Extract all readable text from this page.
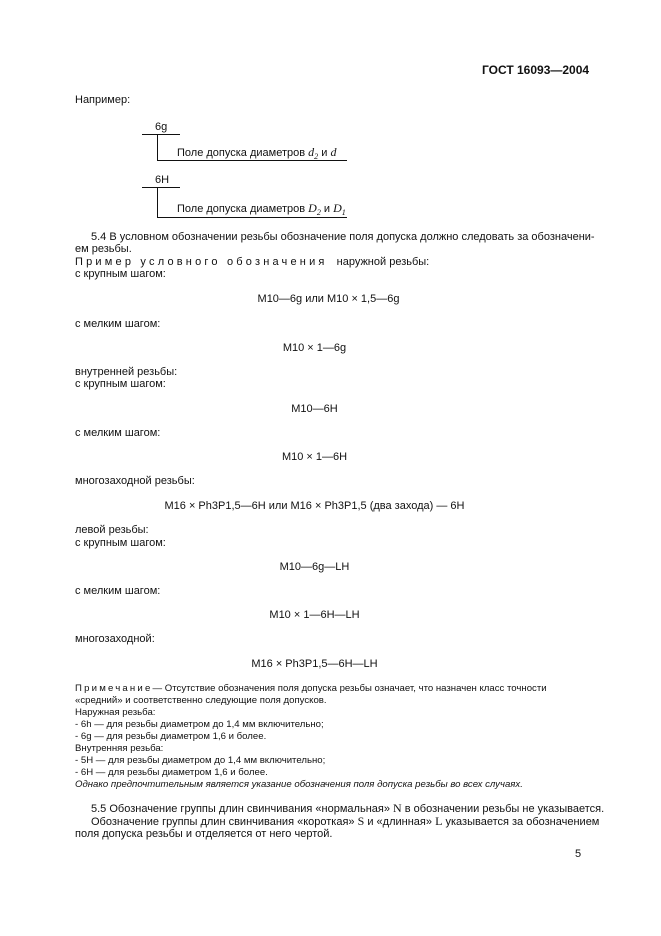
ГОСТ 16093—2004
Например:
6g
Поле допуска диаметров $d_2$ и d
6H
Поле допуска диаметров $D_2$ и $D_1$
5.4 В условном обозначении резьбы обозначение поля допуска должно следовать за обозначени-
ем резьбы.
Пример условного обозначения наружной резьбы:
с крупным шагом:
М10—6g или М10 × 1,5—6g
с мелким шагом:
М10 × 1—6g
внутренней резьбы:
с крупным шагом:
М10—6H
с мелким шагом:
М10 × 1—6H
многозаходной резьбы:
М16 × Ph3P1,5—6H или М16 × Ph3P1,5 (два захода) — 6H
левой резьбы:
с крупным шагом:
М10—6g—LH
с мелким шагом:
М10 × 1—6H—LH
многозаходной:
М16 × Ph3P1,5—6H—LH
Примечание— Отсутствие обозначения поля допуска резьбы означает, что назначен класс точности
«средний» и соответственно следующие поля допусков.
Наружная резьба:
- 6h — для резьбы диаметром до 1,4 мм включительно;
- 6g — для резьбы диаметром 1,6 и более.
Внутренняя резьба:
- 5H — для резьбы диаметром до 1,4 мм включительно;
- 6H — для резьбы диаметром 1,6 и более.
Однако предпочтительным является указание обозначения поля допуска резьбы во всех случаях.
5.5 Обозначение группы длин свинчивания «нормальная» N в обозначении резьбы не указывается.
Обозначение группы длин свинчивания «короткая» S и «длинная» L указывается за обозначением
поля допуска резьбы и отделяется от него чертой.
5
